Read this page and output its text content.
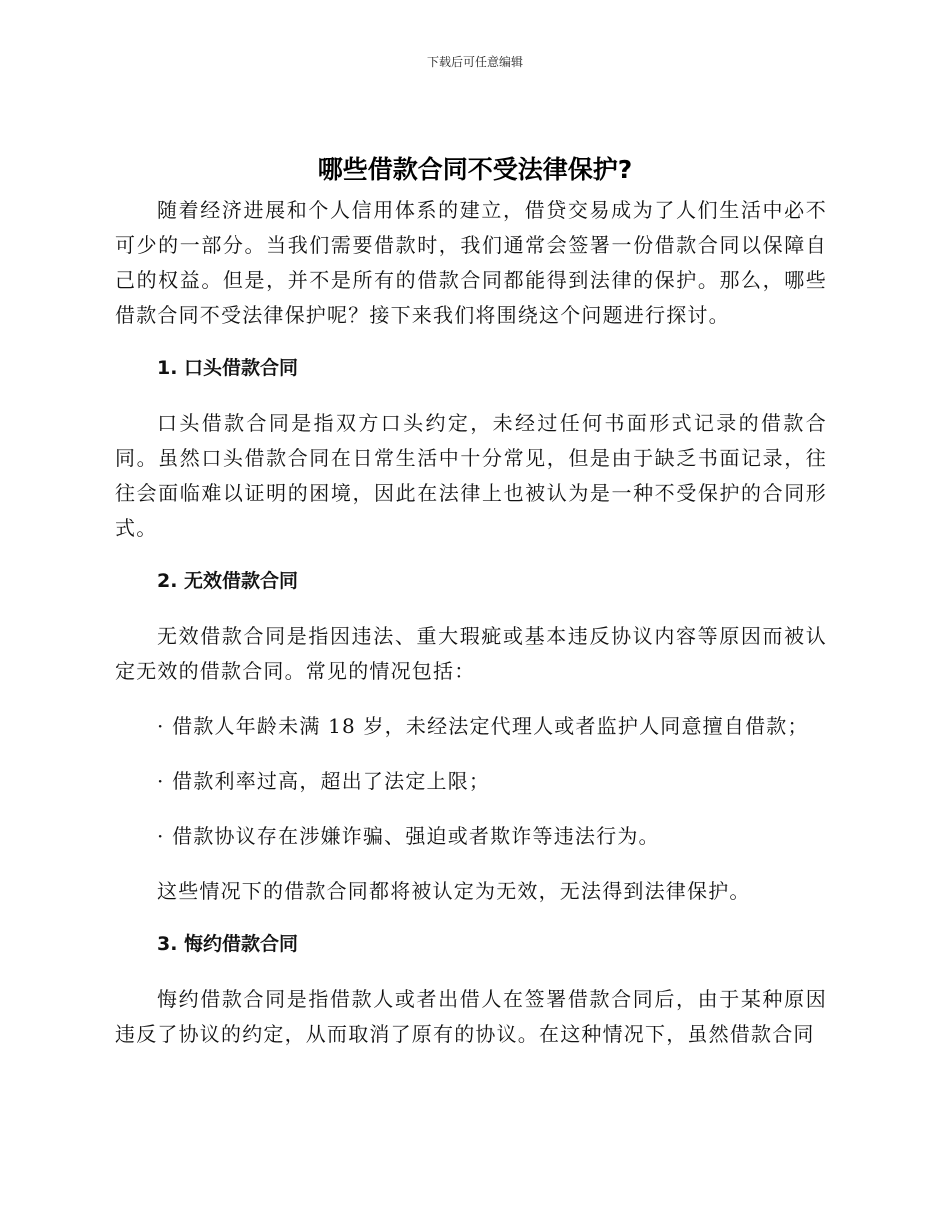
下载后可任意编辑
哪些借款合同不受法律保护?

随着经济进展和个人信用体系的建立，借贷交易成为了人们生活中必不可少的一部分。当我们需要借款时，我们通常会签署一份借款合同以保障自己的权益。但是，并不是所有的借款合同都能得到法律的保护。那么，哪些借款合同不受法律保护呢？接下来我们将围绕这个问题进行探讨。

1. 口头借款合同

口头借款合同是指双方口头约定，未经过任何书面形式记录的借款合同。虽然口头借款合同在日常生活中十分常见，但是由于缺乏书面记录，往往会面临难以证明的困境，因此在法律上也被认为是一种不受保护的合同形式。

2. 无效借款合同

无效借款合同是指因违法、重大瑕疵或基本违反协议内容等原因而被认定无效的借款合同。常见的情况包括：

· 借款人年龄未满 18 岁，未经法定代理人或者监护人同意擅自借款；

· 借款利率过高，超出了法定上限；

· 借款协议存在涉嫌诈骗、强迫或者欺诈等违法行为。

这些情况下的借款合同都将被认定为无效，无法得到法律保护。

3. 悔约借款合同

悔约借款合同是指借款人或者出借人在签署借款合同后，由于某种原因违反了协议的约定，从而取消了原有的协议。在这种情况下，虽然借款合同
